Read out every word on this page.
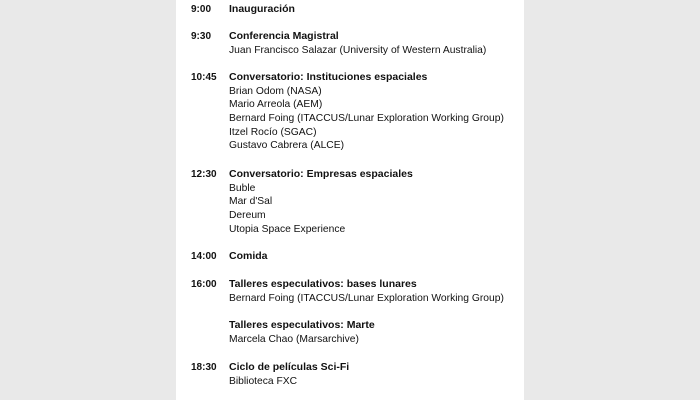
9:00 Inauguración
9:30 Conferencia Magistral
Juan Francisco Salazar (University of Western Australia)
10:45 Conversatorio: Instituciones espaciales
Brian Odom (NASA)
Mario Arreola (AEM)
Bernard Foing (ITACCUS/Lunar Exploration Working Group)
Itzel Rocío (SGAC)
Gustavo Cabrera (ALCE)
12:30 Conversatorio: Empresas espaciales
Buble
Mar d'Sal
Dereum
Utopia Space Experience
14:00 Comida
16:00 Talleres especulativos: bases lunares
Bernard Foing (ITACCUS/Lunar Exploration Working Group)
Talleres especulativos: Marte
Marcela Chao (Marsarchive)
18:30 Ciclo de películas Sci-Fi
Biblioteca FXC
